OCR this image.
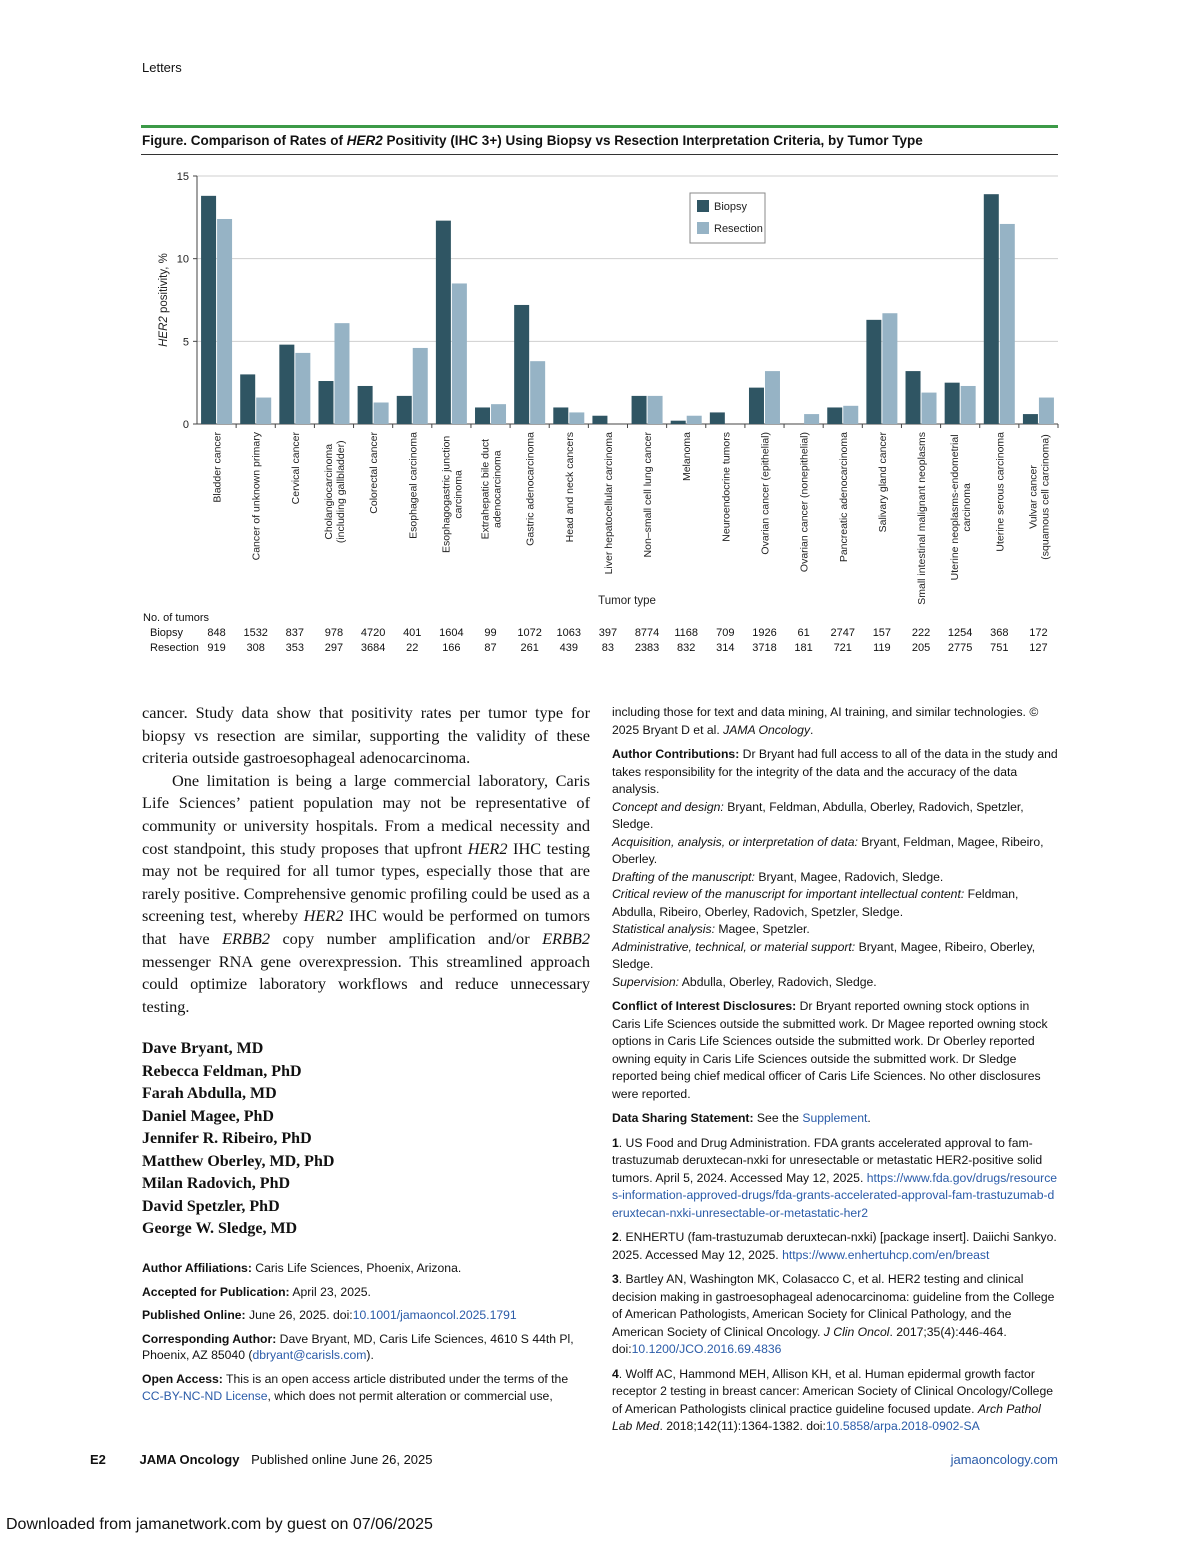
Letters
Figure. Comparison of Rates of HER2 Positivity (IHC 3+) Using Biopsy vs Resection Interpretation Criteria, by Tumor Type
0
5
10
15
HER2 positivity, %
Bladder cancer	Cancer of unknown primary	Cervical cancer Cholangiocarcinoma (including gallbladder) Colorectal cancer	Esophageal carcinoma Esophagogastric junction carcinoma Extrahepatic bile duct adenocarcinoma Gastric adenocarcinoma	Head and neck cancers	Liver hepatocellular carcinoma	Non–small cell lung cancer	Melanoma	Neuroendocrine tumors	Ovarian cancer (epithelial)	Ovarian cancer (nonepithelial)	Pancreatic adenocarcinoma	Salivary gland cancer	Small intestinal malignant neoplasms Uterine neoplasms-endometrial carcinoma Uterine serous carcinoma Vulvar cancer (squamous cell carcinoma)
Tumor type
Biopsy
Resection
No. of tumors
Biopsy
Resection
848	1532	837	978	4720	401	1604	99	1072	1063	397	8774	1168	709	1926	61	2747	157	222	1254	368	172
919	308	353	297	3684	22	166	87	261	439	83	2383	832	314	3718	181	721	119	205	2775	751	127

cancer. Study data show that positivity rates per tumor type for biopsy vs resection are similar, supporting the validity of these criteria outside gastroesophageal adenocarcinoma.

One limitation is being a large commercial laboratory, Caris Life Sciences’ patient population may not be representative of community or university hospitals. From a medical necessity and cost standpoint, this study proposes that upfront HER2 IHC testing may not be required for all tumor types, especially those that are rarely positive. Comprehensive genomic profiling could be used as a screening test, whereby HER2 IHC would be performed on tumors that have ERBB2 copy number amplification and/or ERBB2 messenger RNA gene overexpression. This streamlined approach could optimize laboratory workflows and reduce unnecessary testing.

Dave Bryant, MD
Rebecca Feldman, PhD
Farah Abdulla, MD
Daniel Magee, PhD
Jennifer R. Ribeiro, PhD
Matthew Oberley, MD, PhD
Milan Radovich, PhD
David Spetzler, PhD
George W. Sledge, MD

Author Affiliations: Caris Life Sciences, Phoenix, Arizona.

Accepted for Publication: April 23, 2025.

Published Online: June 26, 2025. doi:10.1001/jamaoncol.2025.1791

Corresponding Author: Dave Bryant, MD, Caris Life Sciences, 4610 S 44th Pl, Phoenix, AZ 85040 (dbryant@carisls.com).

Open Access: This is an open access article distributed under the terms of the CC-BY-NC-ND License, which does not permit alteration or commercial use,

including those for text and data mining, AI training, and similar technologies. © 2025 Bryant D et al. JAMA Oncology.

Author Contributions: Dr Bryant had full access to all of the data in the study and takes responsibility for the integrity of the data and the accuracy of the data analysis.
Concept and design: Bryant, Feldman, Abdulla, Oberley, Radovich, Spetzler, Sledge.
Acquisition, analysis, or interpretation of data: Bryant, Feldman, Magee, Ribeiro, Oberley.
Drafting of the manuscript: Bryant, Magee, Radovich, Sledge.
Critical review of the manuscript for important intellectual content: Feldman, Abdulla, Ribeiro, Oberley, Radovich, Spetzler, Sledge.
Statistical analysis: Magee, Spetzler.
Administrative, technical, or material support: Bryant, Magee, Ribeiro, Oberley, Sledge.
Supervision: Abdulla, Oberley, Radovich, Sledge.

Conflict of Interest Disclosures: Dr Bryant reported owning stock options in Caris Life Sciences outside the submitted work. Dr Magee reported owning stock options in Caris Life Sciences outside the submitted work. Dr Oberley reported owning equity in Caris Life Sciences outside the submitted work. Dr Sledge reported being chief medical officer of Caris Life Sciences. No other disclosures were reported.

Data Sharing Statement: See the Supplement.

1. US Food and Drug Administration. FDA grants accelerated approval to fam-trastuzumab deruxtecan-nxki for unresectable or metastatic HER2-positive solid tumors. April 5, 2024. Accessed May 12, 2025. https://www.fda.gov/drugs/resources-information-approved-drugs/fda-grants-accelerated-approval-fam-trastuzumab-deruxtecan-nxki-unresectable-or-metastatic-her2

2. ENHERTU (fam-trastuzumab deruxtecan-nxki) [package insert]. Daiichi Sankyo. 2025. Accessed May 12, 2025. https://www.enhertuhcp.com/en/breast

3. Bartley AN, Washington MK, Colasacco C, et al. HER2 testing and clinical decision making in gastroesophageal adenocarcinoma: guideline from the College of American Pathologists, American Society for Clinical Pathology, and the American Society of Clinical Oncology. J Clin Oncol. 2017;35(4):446-464. doi:10.1200/JCO.2016.69.4836

4. Wolff AC, Hammond MEH, Allison KH, et al. Human epidermal growth factor receptor 2 testing in breast cancer: American Society of Clinical Oncology/College of American Pathologists clinical practice guideline focused update. Arch Pathol Lab Med. 2018;142(11):1364-1382. doi:10.5858/arpa.2018-0902-SA

E2	JAMA Oncology Published online June 26, 2025	jamaoncology.com
Downloaded from jamanetwork.com by guest on 07/06/2025
